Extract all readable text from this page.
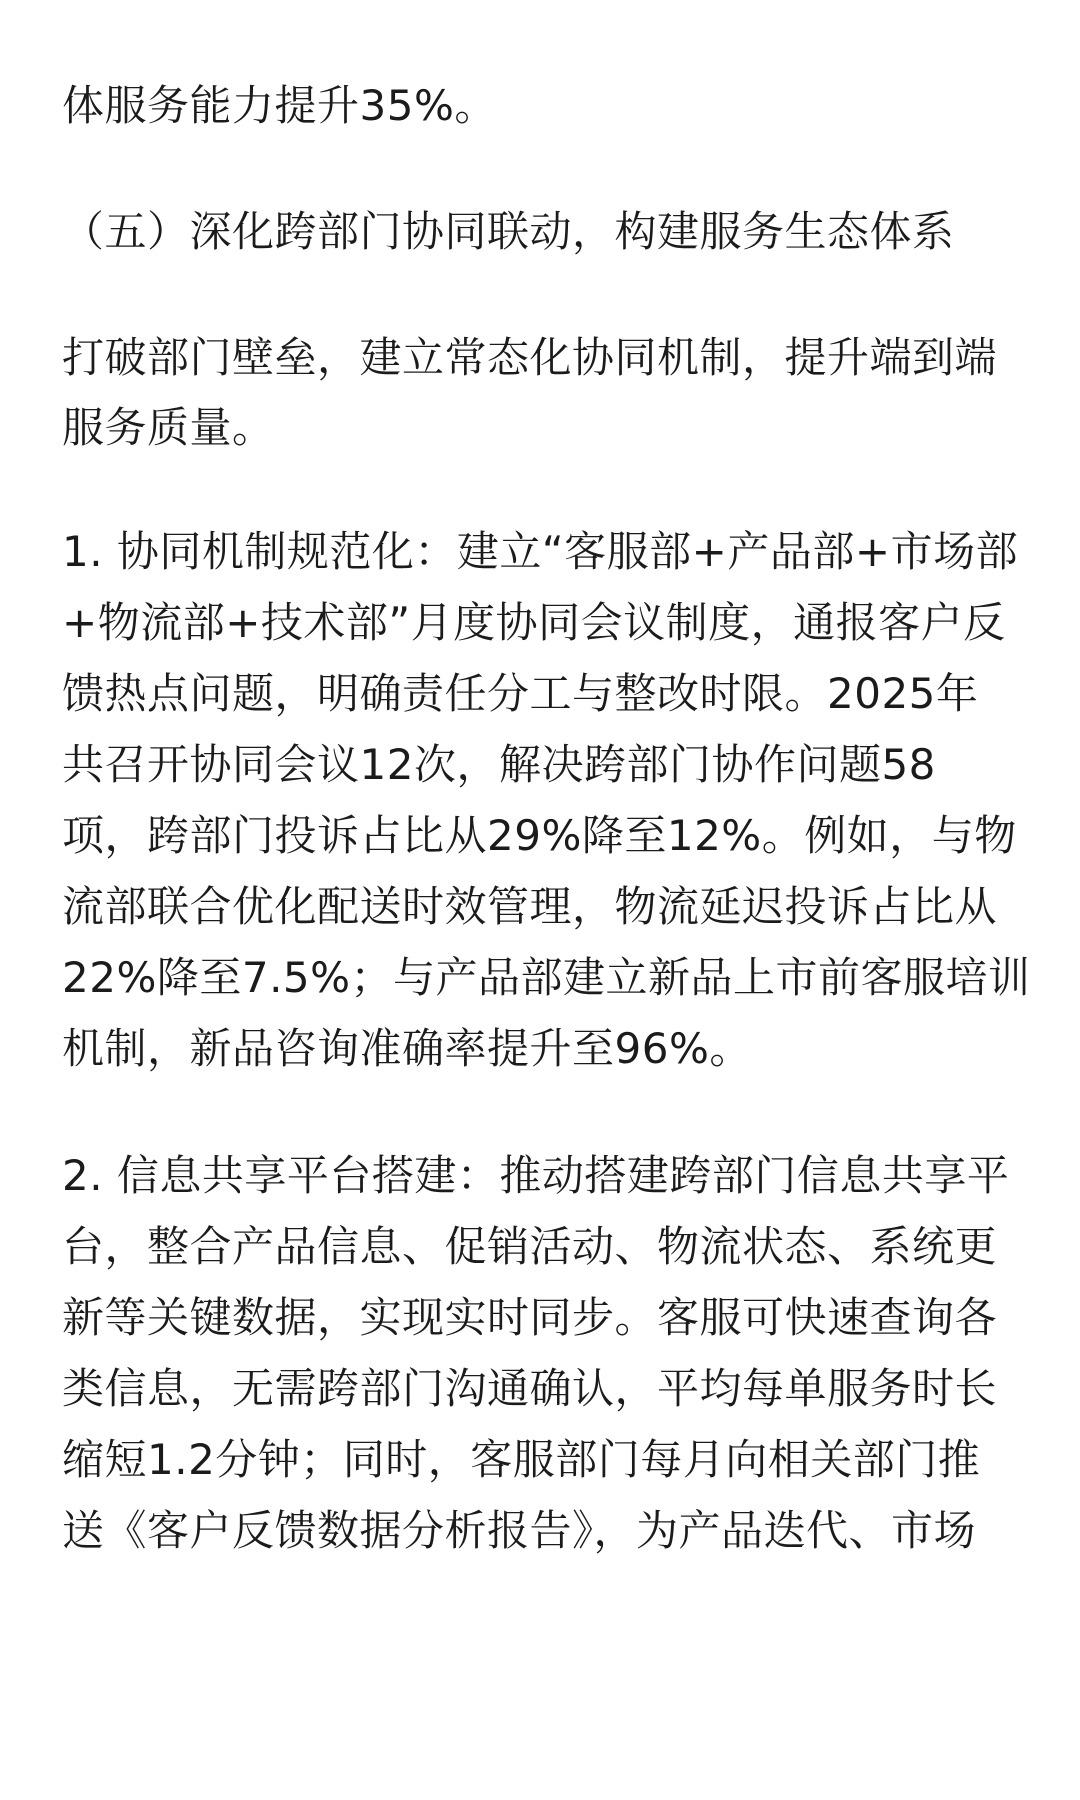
体服务能力提升35%。

（五）深化跨部门协同联动，构建服务生态体系

打破部门壁垒，建立常态化协同机制，提升端到端

服务质量。

1. 协同机制规范化：建立“客服部+产品部+市场部

+物流部+技术部”月度协同会议制度，通报客户反

馈热点问题，明确责任分工与整改时限。2025年

共召开协同会议12次，解决跨部门协作问题58

项，跨部门投诉占比从29%降至12%。例如，与物

流部联合优化配送时效管理，物流延迟投诉占比从

22%降至7.5%；与产品部建立新品上市前客服培训

机制，新品咨询准确率提升至96%。

2. 信息共享平台搭建：推动搭建跨部门信息共享平

台，整合产品信息、促销活动、物流状态、系统更

新等关键数据，实现实时同步。客服可快速查询各

类信息，无需跨部门沟通确认，平均每单服务时长

缩短1.2分钟；同时，客服部门每月向相关部门推

送《客户反馈数据分析报告》，为产品迭代、市场
